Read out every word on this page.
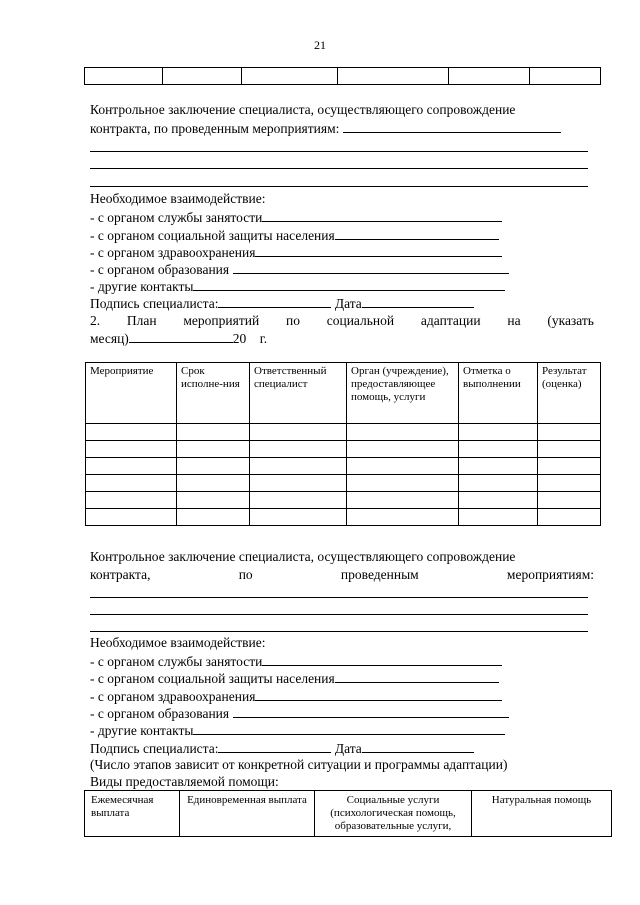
21

Контрольное заключение специалиста, осуществляющего сопровождение
контракта, по проведенным мероприятиям:
Необходимое взаимодействие:
- с органом службы занятости
- с органом социальной защиты населения
- с органом здравоохранения
- с органом образования
- другие контакты
Подпись специалиста:	Дата
2. План мероприятий по социальной адаптации на (указать
месяц)	20 г.
Мероприятие	Срок исполне-ния	Ответственный специалист	Орган (учреждение), предоставляющее помощь, услуги	Отметка о выполнении	Результат (оценка)

Контрольное заключение специалиста, осуществляющего сопровождение
контракта,	по	проведенным	мероприятиям:
Необходимое взаимодействие:
- с органом службы занятости
- с органом социальной защиты населения
- с органом здравоохранения
- с органом образования
- другие контакты
Подпись специалиста:	Дата
(Число этапов зависит от конкретной ситуации и программы адаптации)
Виды предоставляемой помощи:
Ежемесячная выплата	Единовременная выплата	Социальные услуги (психологическая помощь, образовательные услуги,	Натуральная помощь
